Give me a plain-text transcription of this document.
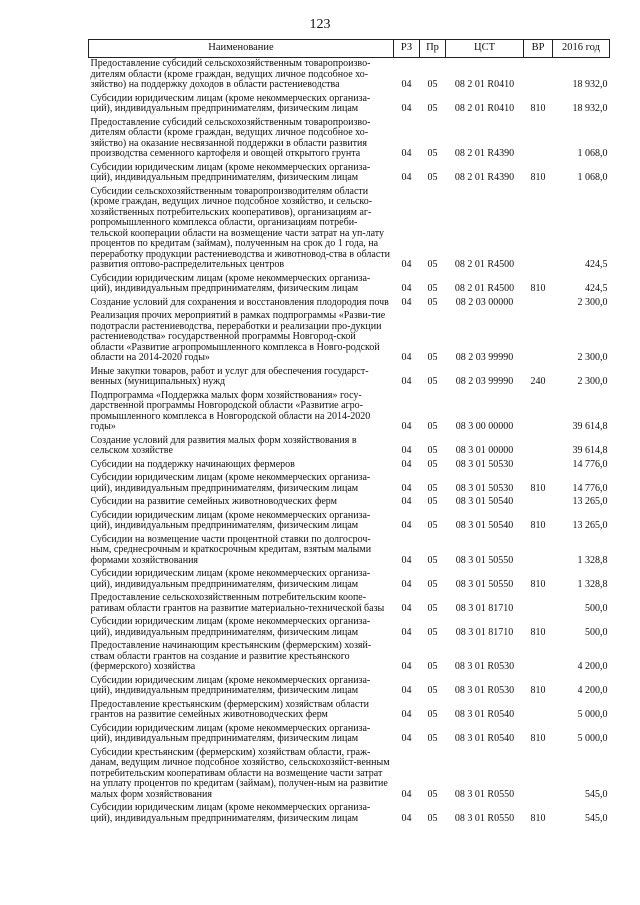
123
Наименование	РЗ	Пр	ЦСТ	ВР	2016 год
Предоставление субсидий сельскохозяйственным товаропроизво-дителям области (кроме граждан, ведущих личное подсобное хо-зяйство) на поддержку доходов в области растениеводства	04	05	08 2 01 R0410		18 932,0
Субсидии юридическим лицам (кроме некоммерческих организа-ций), индивидуальным предпринимателям, физическим лицам	04	05	08 2 01 R0410	810	18 932,0
Предоставление субсидий сельскохозяйственным товаропроизво-дителям области (кроме граждан, ведущих личное подсобное хо-зяйство) на оказание несвязанной поддержки в области развития производства семенного картофеля и овощей открытого грунта	04	05	08 2 01 R4390		1 068,0
Субсидии юридическим лицам (кроме некоммерческих организа-ций), индивидуальным предпринимателям, физическим лицам	04	05	08 2 01 R4390	810	1 068,0
Субсидии сельскохозяйственным товаропроизводителям области (кроме граждан, ведущих личное подсобное хозяйство, и сельско-хозяйственных потребительских кооперативов), организациям аг-ропромышленного комплекса области, организациям потреби-тельской кооперации области на возмещение части затрат на уп-лату процентов по кредитам (займам), полученным на срок до 1 года, на переработку продукции растениеводства и животновод-ства в области развития оптово-распределительных центров	04	05	08 2 01 R4500		424,5
Субсидии юридическим лицам (кроме некоммерческих организа-ций), индивидуальным предпринимателям, физическим лицам	04	05	08 2 01 R4500	810	424,5
Создание условий для сохранения и восстановления плодородия почв	04	05	08 2 03 00000		2 300,0
Реализация прочих мероприятий в рамках подпрограммы «Разви-тие подотрасли растениеводства, переработки и реализации про-дукции растениеводства» государственной программы Новгород-ской области «Развитие агропромышленного комплекса в Новго-родской области на 2014-2020 годы»	04	05	08 2 03 99990		2 300,0
Иные закупки товаров, работ и услуг для обеспечения государст-венных (муниципальных) нужд	04	05	08 2 03 99990	240	2 300,0
Подпрограмма «Поддержка малых форм хозяйствования» госу-дарственной программы Новгородской области «Развитие агро-промышленного комплекса в Новгородской области на 2014-2020 годы»	04	05	08 3 00 00000		39 614,8
Создание условий для развития малых форм хозяйствования в сельском хозяйстве	04	05	08 3 01 00000		39 614,8
Субсидии на поддержку начинающих фермеров	04	05	08 3 01 50530		14 776,0
Субсидии юридическим лицам (кроме некоммерческих организа-ций), индивидуальным предпринимателям, физическим лицам	04	05	08 3 01 50530	810	14 776,0
Субсидии на развитие семейных животноводческих ферм	04	05	08 3 01 50540		13 265,0
Субсидии юридическим лицам (кроме некоммерческих организа-ций), индивидуальным предпринимателям, физическим лицам	04	05	08 3 01 50540	810	13 265,0
Субсидии на возмещение части процентной ставки по долгосроч-ным, среднесрочным и краткосрочным кредитам, взятым малыми формами хозяйствования	04	05	08 3 01 50550		1 328,8
Субсидии юридическим лицам (кроме некоммерческих организа-ций), индивидуальным предпринимателям, физическим лицам	04	05	08 3 01 50550	810	1 328,8
Предоставление сельскохозяйственным потребительским коопе-ративам области грантов на развитие материально-технической базы	04	05	08 3 01 81710		500,0
Субсидии юридическим лицам (кроме некоммерческих организа-ций), индивидуальным предпринимателям, физическим лицам	04	05	08 3 01 81710	810	500,0
Предоставление начинающим крестьянским (фермерским) хозяй-ствам области грантов на создание и развитие крестьянского (фермерского) хозяйства	04	05	08 3 01 R0530		4 200,0
Субсидии юридическим лицам (кроме некоммерческих организа-ций), индивидуальным предпринимателям, физическим лицам	04	05	08 3 01 R0530	810	4 200,0
Предоставление крестьянским (фермерским) хозяйствам области грантов на развитие семейных животноводческих ферм	04	05	08 3 01 R0540		5 000,0
Субсидии юридическим лицам (кроме некоммерческих организа-ций), индивидуальным предпринимателям, физическим лицам	04	05	08 3 01 R0540	810	5 000,0
Субсидии крестьянским (фермерским) хозяйствам области, граж-данам, ведущим личное подсобное хозяйство, сельскохозяйст-венным потребительским кооперативам области на возмещение части затрат на уплату процентов по кредитам (займам), получен-ным на развитие малых форм хозяйствования	04	05	08 3 01 R0550		545,0
Субсидии юридическим лицам (кроме некоммерческих организа-ций), индивидуальным предпринимателям, физическим лицам	04	05	08 3 01 R0550	810	545,0
